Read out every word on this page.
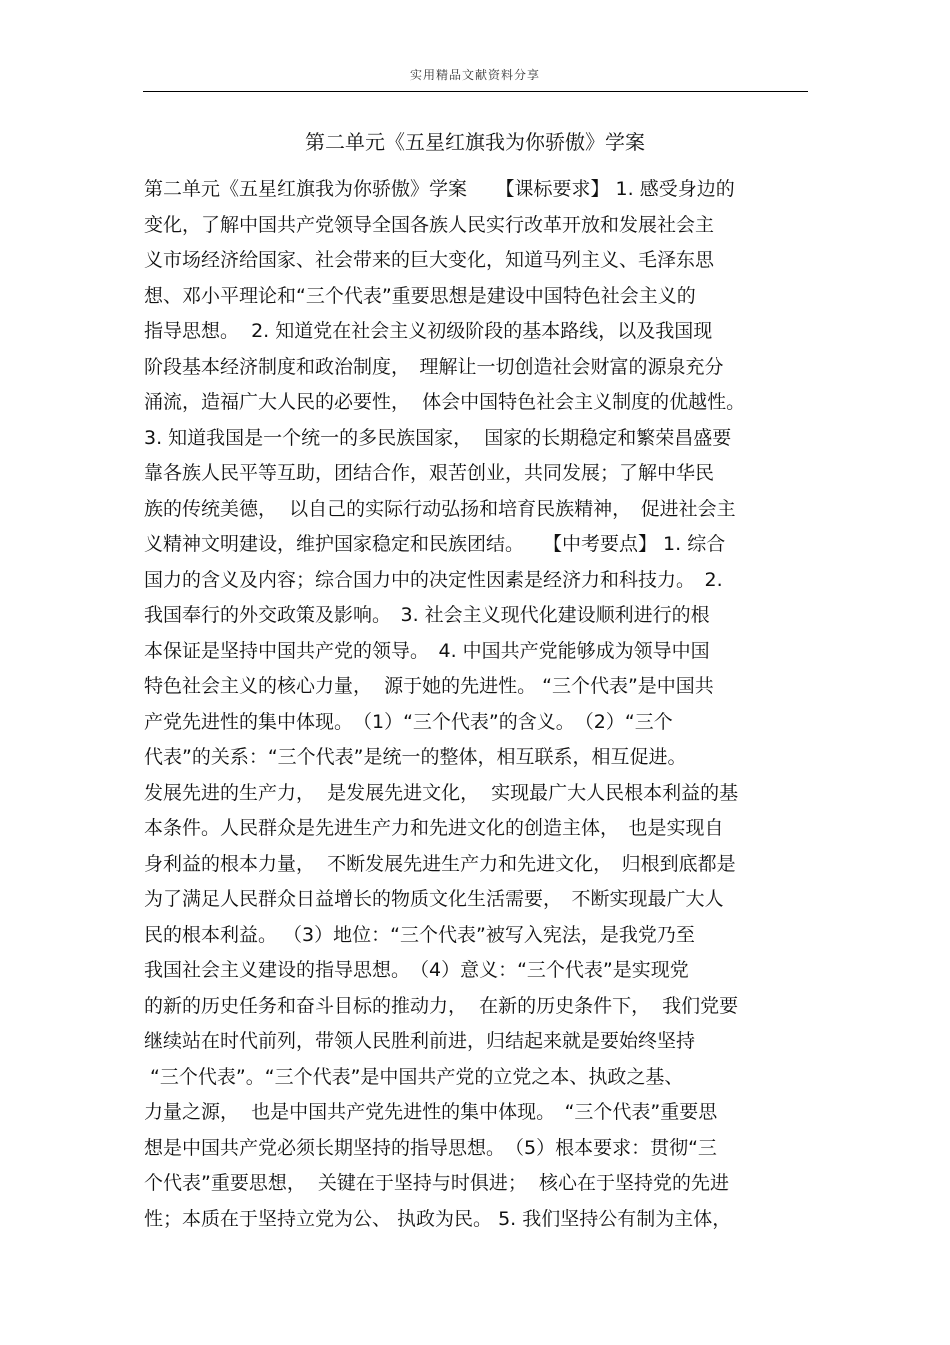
实用精品文献资料分享
第二单元《五星红旗我为你骄傲》学案
第二单元《五星红旗我为你骄傲》学案　　【课标要求】 1. 感受身边的
变化，了解中国共产党领导全国各族人民实行改革开放和发展社会主
义市场经济给国家、社会带来的巨大变化，知道马列主义、毛泽东思
想、邓小平理论和“三个代表”重要思想是建设中国特色社会主义的
指导思想。  2. 知道党在社会主义初级阶段的基本路线，以及我国现
阶段基本经济制度和政治制度，　理解让一切创造社会财富的源泉充分
涌流，造福广大人民的必要性，  体会中国特色社会主义制度的优越性。
3. 知道我国是一个统一的多民族国家，  国家的长期稳定和繁荣昌盛要
靠各族人民平等互助，团结合作，艰苦创业，共同发展；了解中华民
族的传统美德，  以自己的实际行动弘扬和培育民族精神，　促进社会主
义精神文明建设，维护国家稳定和民族团结。　　【中考要点】 1. 综合
国力的含义及内容；综合国力中的决定性因素是经济力和科技力。　2.
我国奉行的外交政策及影响。　3. 社会主义现代化建设顺利进行的根
本保证是坚持中国共产党的领导。　4. 中国共产党能够成为领导中国
特色社会主义的核心力量，  源于她的先进性。 “三个代表”是中国共
产党先进性的集中体现。　（1）“三个代表”的含义。　（2）“三个
代表”的关系：“三个代表”是统一的整体，相互联系，相互促进。
发展先进的生产力，  是发展先进文化，  实现最广大人民根本利益的基
本条件。人民群众是先进生产力和先进文化的创造主体，　也是实现自
身利益的根本力量，  不断发展先进生产力和先进文化，　归根到底都是
为了满足人民群众日益增长的物质文化生活需要，　不断实现最广大人
民的根本利益。 （3）地位：“三个代表”被写入宪法，是我党乃至
我国社会主义建设的指导思想。　（4）意义：“三个代表”是实现党
的新的历史任务和奋斗目标的推动力，  在新的历史条件下，  我们党要
继续站在时代前列，带领人民胜利前进，归结起来就是要始终坚持
“三个代表”。“三个代表”是中国共产党的立党之本、执政之基、
力量之源，  也是中国共产党先进性的集中体现。　“三个代表”重要思
想是中国共产党必须长期坚持的指导思想。　（5）根本要求：贯彻“三
个代表”重要思想，  关键在于坚持与时俱进；  核心在于坚持党的先进
性；本质在于坚持立党为公、 执政为民。 5. 我们坚持公有制为主体，
